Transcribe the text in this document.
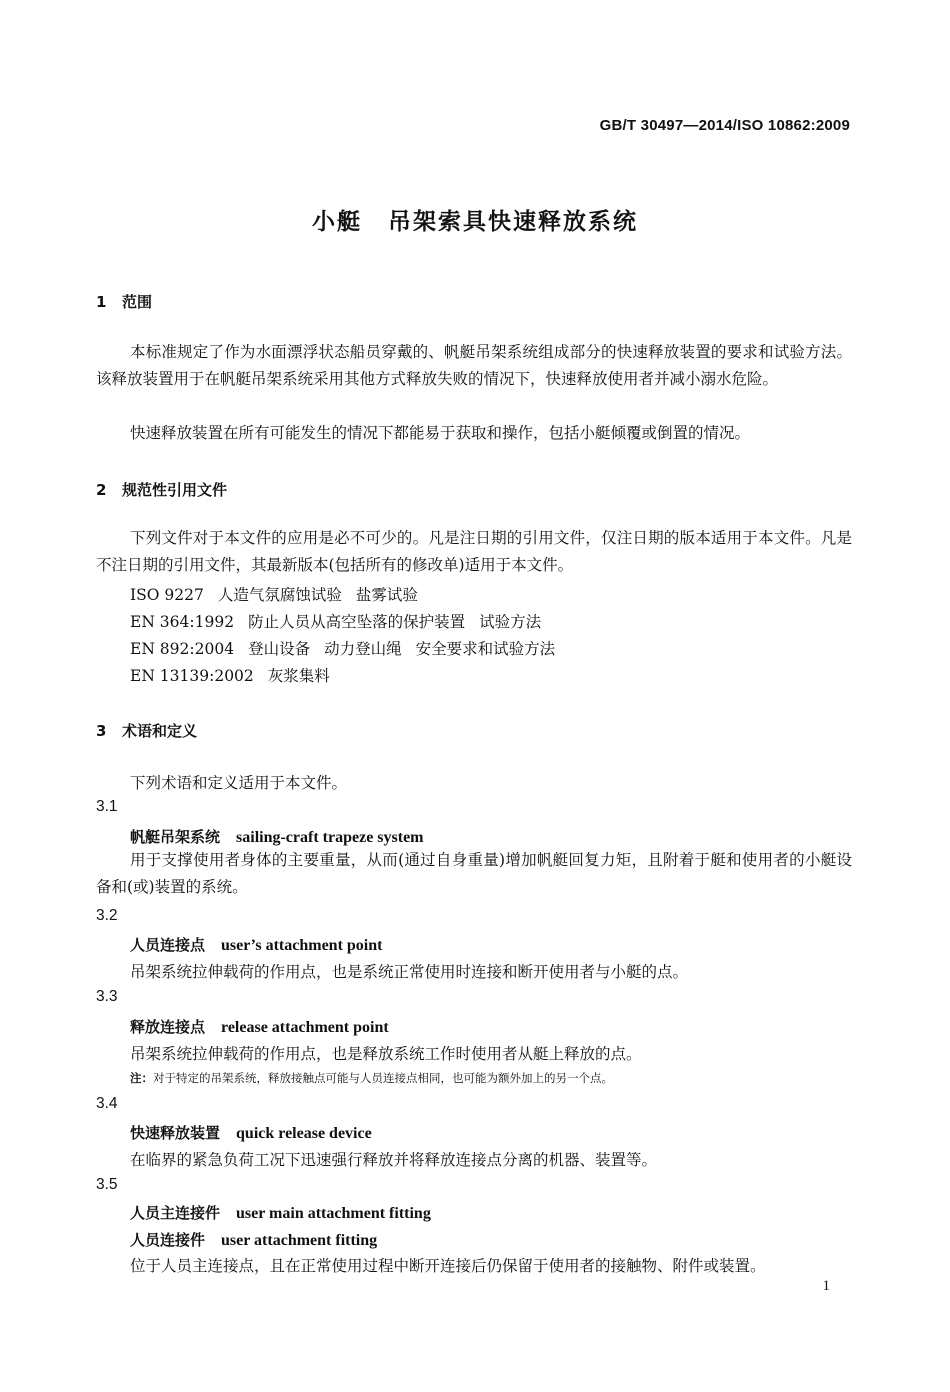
GB/T 30497—2014/ISO 10862:2009
小艇 吊架索具快速释放系统
1 范围
本标准规定了作为水面漂浮状态船员穿戴的、帆艇吊架系统组成部分的快速释放装置的要求和试验方法。该释放装置用于在帆艇吊架系统采用其他方式释放失败的情况下，快速释放使用者并减小溺水危险。
快速释放装置在所有可能发生的情况下都能易于获取和操作，包括小艇倾覆或倒置的情况。
2 规范性引用文件
下列文件对于本文件的应用是必不可少的。凡是注日期的引用文件，仅注日期的版本适用于本文件。凡是不注日期的引用文件，其最新版本(包括所有的修改单)适用于本文件。
ISO 9227 人造气氛腐蚀试验 盐雾试验
EN 364:1992 防止人员从高空坠落的保护装置 试验方法
EN 892:2004 登山设备 动力登山绳 安全要求和试验方法
EN 13139:2002 灰浆集料
3 术语和定义
下列术语和定义适用于本文件。
3.1
帆艇吊架系统 sailing-craft trapeze system
用于支撑使用者身体的主要重量，从而(通过自身重量)增加帆艇回复力矩，且附着于艇和使用者的小艇设备和(或)装置的系统。
3.2
人员连接点 user’s attachment point
吊架系统拉伸载荷的作用点，也是系统正常使用时连接和断开使用者与小艇的点。
3.3
释放连接点 release attachment point
吊架系统拉伸载荷的作用点，也是释放系统工作时使用者从艇上释放的点。
注：对于特定的吊架系统，释放接触点可能与人员连接点相同，也可能为额外加上的另一个点。
3.4
快速释放装置 quick release device
在临界的紧急负荷工况下迅速强行释放并将释放连接点分离的机器、装置等。
3.5
人员主连接件 user main attachment fitting
人员连接件 user attachment fitting
位于人员主连接点，且在正常使用过程中断开连接后仍保留于使用者的接触物、附件或装置。
1
